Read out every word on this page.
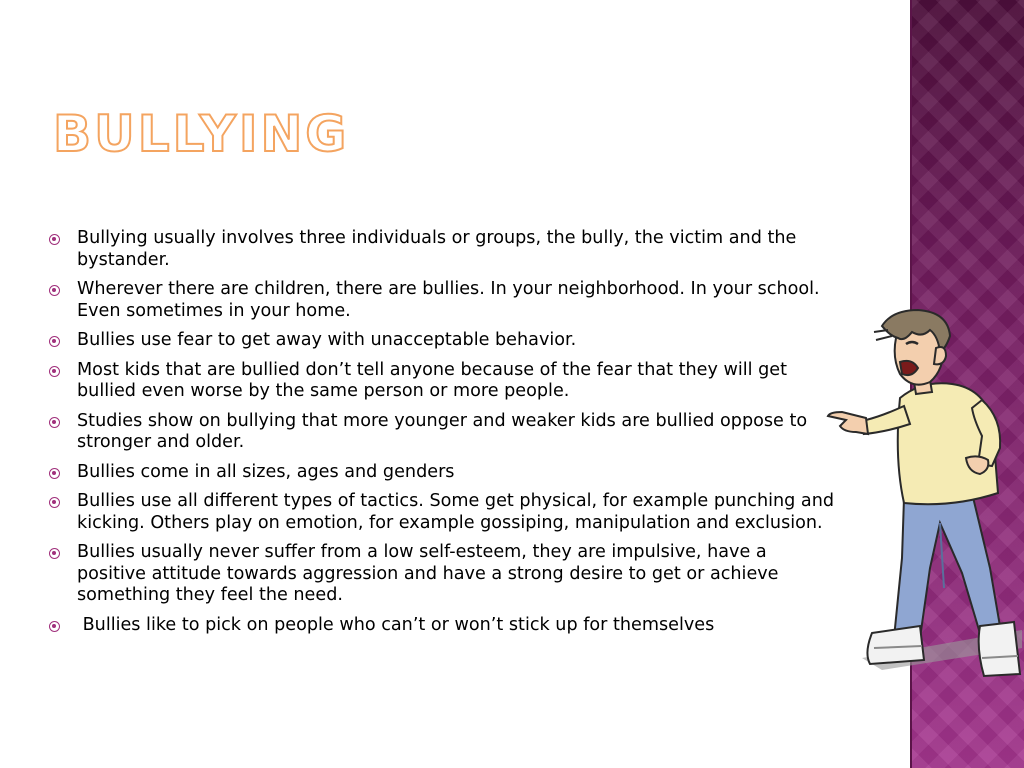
BULLYING
Bullying usually involves three individuals or groups, the bully, the victim and the bystander.
Wherever there are children, there are bullies. In your neighborhood. In your school. Even sometimes in your home.
Bullies use fear to get away with unacceptable behavior.
Most kids that are bullied don’t tell anyone because of the fear that they will get bullied even worse by the same person or more people.
Studies show on bullying that more younger and weaker kids are bullied oppose to stronger and older.
Bullies come in all sizes, ages and genders
Bullies use all different types of tactics. Some get physical, for example punching and kicking. Others play on emotion, for example gossiping, manipulation and exclusion.
Bullies usually never suffer from a low self-esteem, they are impulsive, have a positive attitude towards aggression and have a strong desire to get or achieve something they feel the need.
Bullies like to pick on people who can’t or won’t stick up for themselves
